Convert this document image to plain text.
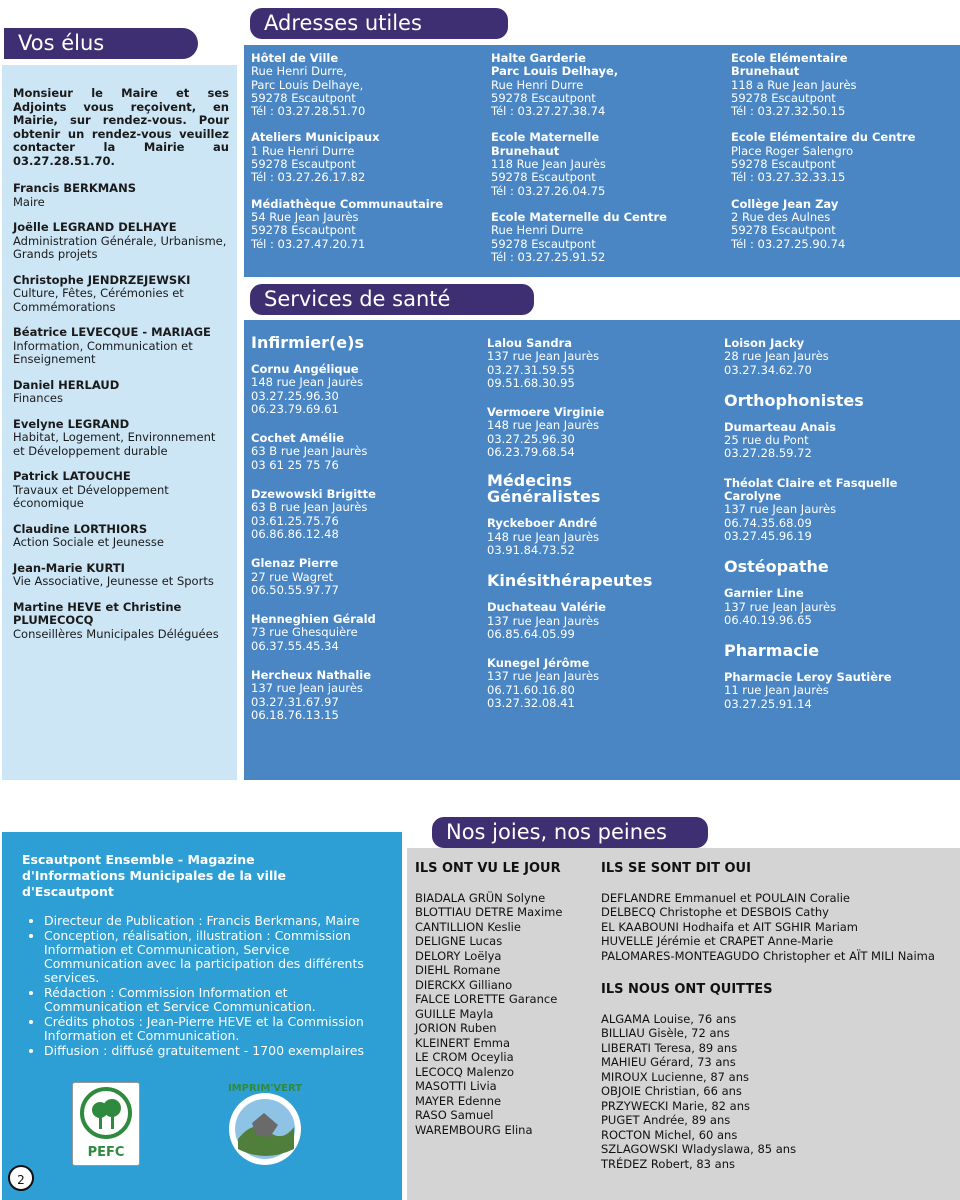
Vos élus
Monsieur le Maire et ses Adjoints vous reçoivent, en Mairie, sur rendez-vous. Pour obtenir un rendez-vous veuillez contacter la Mairie au 03.27.28.51.70.
Francis BERKMANS
Maire
Joëlle LEGRAND DELHAYE
Administration Générale, Urbanisme, Grands projets
Christophe JENDRZEJEWSKI
Culture, Fêtes, Cérémonies et Commémorations
Béatrice LEVECQUE - MARIAGE
Information, Communication et Enseignement
Daniel HERLAUD
Finances
Evelyne LEGRAND
Habitat, Logement, Environnement et Développement durable
Patrick LATOUCHE
Travaux et Développement économique
Claudine LORTHIORS
Action Sociale et Jeunesse
Jean-Marie KURTI
Vie Associative, Jeunesse et Sports
Martine HEVE et Christine PLUMECOCQ
Conseillères Municipales Déléguées
Adresses utiles
Hôtel de Ville
Rue Henri Durre,
Parc Louis Delhaye,
59278 Escautpont
Tél : 03.27.28.51.70
Ateliers Municipaux
1 Rue Henri Durre
59278 Escautpont
Tél : 03.27.26.17.82
Médiathèque Communautaire
54 Rue Jean Jaurès
59278 Escautpont
Tél : 03.27.47.20.71
Halte Garderie
Parc Louis Delhaye,
Rue Henri Durre
59278 Escautpont
Tél : 03.27.27.38.74
Ecole Maternelle
Brunehaut
118 Rue Jean Jaurès
59278 Escautpont
Tél : 03.27.26.04.75
Ecole Maternelle du Centre
Rue Henri Durre
59278 Escautpont
Tél : 03.27.25.91.52
Ecole Elémentaire
Brunehaut
118 a Rue Jean Jaurès
59278 Escautpont
Tél : 03.27.32.50.15
Ecole Elémentaire du Centre
Place Roger Salengro
59278 Escautpont
Tél : 03.27.32.33.15
Collège Jean Zay
2 Rue des Aulnes
59278 Escautpont
Tél : 03.27.25.90.74
Services de santé
Infirmier(e)s
Cornu Angélique
148 rue Jean Jaurès
03.27.25.96.30
06.23.79.69.61
Cochet Amélie
63 B rue Jean Jaurès
03 61 25 75 76
Dzewowski Brigitte
63 B rue Jean Jaurès
03.61.25.75.76
06.86.86.12.48
Glenaz Pierre
27 rue Wagret
06.50.55.97.77
Henneghien Gérald
73 rue Ghesquière
06.37.55.45.34
Hercheux Nathalie
137 rue Jean jaurès
03.27.31.67.97
06.18.76.13.15
Lalou Sandra
137 rue Jean Jaurès
03.27.31.59.55
09.51.68.30.95
Vermoere Virginie
148 rue Jean Jaurès
03.27.25.96.30
06.23.79.68.54
Médecins Généralistes
Ryckeboer André
148 rue Jean Jaurès
03.91.84.73.52
Kinésithérapeutes
Duchateau Valérie
137 rue Jean Jaurès
06.85.64.05.99
Kunegel Jérôme
137 rue Jean Jaurès
06.71.60.16.80
03.27.32.08.41
Loison Jacky
28 rue Jean Jaurès
03.27.34.62.70
Orthophonistes
Dumarteau Anais
25 rue du Pont
03.27.28.59.72
Théolat Claire et Fasquelle Carolyne
137 rue Jean Jaurès
06.74.35.68.09
03.27.45.96.19
Ostéopathe
Garnier Line
137 rue Jean Jaurès
06.40.19.96.65
Pharmacie
Pharmacie Leroy Sautière
11 rue Jean Jaurès
03.27.25.91.14
Escautpont Ensemble - Magazine d'Informations Municipales de la ville d'Escautpont
• Directeur de Publication : Francis Berkmans, Maire
• Conception, réalisation, illustration : Commission Information et Communication, Service Communication avec la participation des différents services.
• Rédaction : Commission Information et Communication et Service Communication.
• Crédits photos : Jean-Pierre HEVE et la Commission Information et Communication.
• Diffusion : diffusé gratuitement - 1700 exemplaires
PEFC
IMPRIM'VERT
2
Nos joies, nos peines
ILS ONT VU LE JOUR
BIADALA GRÜN Solyne
BLOTTIAU DETRE Maxime
CANTILLION Keslie
DELIGNE Lucas
DELORY Loëlya
DIEHL Romane
DIERCKX Gilliano
FALCE LORETTE Garance
GUILLE Mayla
JORION Ruben
KLEINERT Emma
LE CROM Oceylia
LECOCQ Malenzo
MASOTTI Livia
MAYER Edenne
RASO Samuel
WAREMBOURG Elina
ILS SE SONT DIT OUI
DEFLANDRE Emmanuel et POULAIN Coralie
DELBECQ Christophe et DESBOIS Cathy
EL KAABOUNI Hodhaifa et AIT SGHIR Mariam
HUVELLE Jérémie et CRAPET Anne-Marie
PALOMARES-MONTEAGUDO Christopher et AÏT MILI Naima
ILS NOUS ONT QUITTES
ALGAMA Louise, 76 ans
BILLIAU Gisèle, 72 ans
LIBERATI Teresa, 89 ans
MAHIEU Gérard, 73 ans
MIROUX Lucienne, 87 ans
OBJOIE Christian, 66 ans
PRZYWECKI Marie, 82 ans
PUGET Andrée, 89 ans
ROCTON Michel, 60 ans
SZLAGOWSKI Wladyslawa, 85 ans
TRÉDEZ Robert, 83 ans
